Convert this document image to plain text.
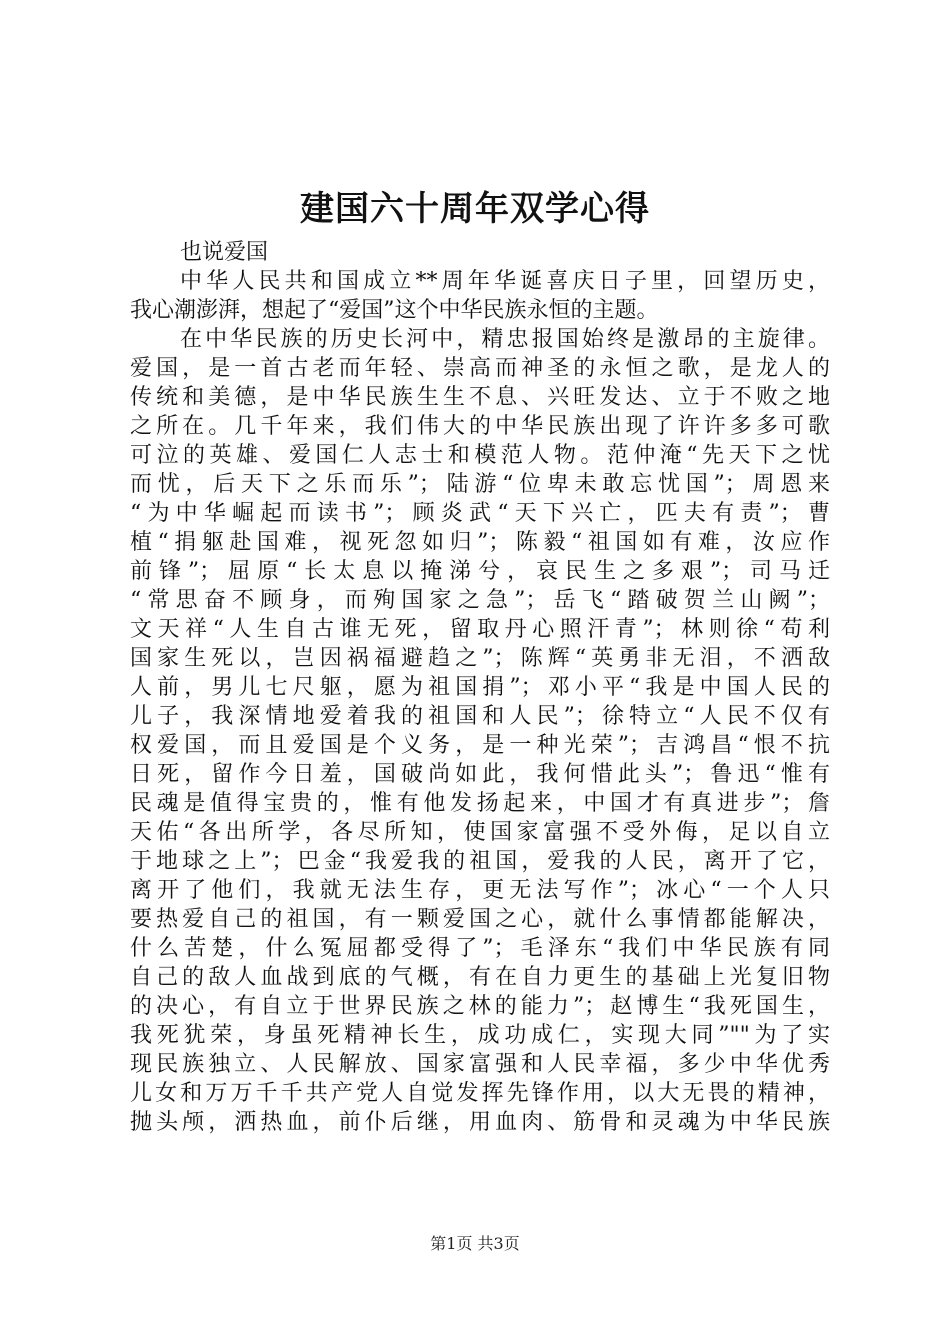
建国六十周年双学心得
也说爱国
中华人民共和国成立**周年华诞喜庆日子里，回望历史，
我心潮澎湃，想起了“爱国”这个中华民族永恒的主题。
在中华民族的历史长河中，精忠报国始终是激昂的主旋律。
爱国，是一首古老而年轻、崇高而神圣的永恒之歌，是龙人的
传统和美德，是中华民族生生不息、兴旺发达、立于不败之地
之所在。几千年来，我们伟大的中华民族出现了许许多多可歌
可泣的英雄、爱国仁人志士和模范人物。范仲淹“先天下之忧
而忧，后天下之乐而乐”；陆游“位卑未敢忘忧国”；周恩来
“为中华崛起而读书”；顾炎武“天下兴亡，匹夫有责”；曹
植“捐躯赴国难，视死忽如归”；陈毅“祖国如有难，汝应作
前锋”；屈原“长太息以掩涕兮，哀民生之多艰”；司马迁
“常思奋不顾身，而殉国家之急”；岳飞“踏破贺兰山阙”；
文天祥“人生自古谁无死，留取丹心照汗青”；林则徐“苟利
国家生死以，岂因祸福避趋之”；陈辉“英勇非无泪，不洒敌
人前，男儿七尺躯，愿为祖国捐”；邓小平“我是中国人民的
儿子，我深情地爱着我的祖国和人民”；徐特立“人民不仅有
权爱国，而且爱国是个义务，是一种光荣”；吉鸿昌“恨不抗
日死，留作今日羞，国破尚如此，我何惜此头”；鲁迅“惟有
民魂是值得宝贵的，惟有他发扬起来，中国才有真进步”；詹
天佑“各出所学，各尽所知，使国家富强不受外侮，足以自立
于地球之上”；巴金“我爱我的祖国，爱我的人民，离开了它，
离开了他们，我就无法生存，更无法写作”；冰心“一个人只
要热爱自己的祖国，有一颗爱国之心，就什么事情都能解决，
什么苦楚，什么冤屈都受得了”；毛泽东“我们中华民族有同
自己的敌人血战到底的气概，有在自力更生的基础上光复旧物
的决心，有自立于世界民族之林的能力”；赵博生“我死国生，
我死犹荣，身虽死精神长生，成功成仁，实现大同”""为了实
现民族独立、人民解放、国家富强和人民幸福，多少中华优秀
儿女和万万千千共产党人自觉发挥先锋作用，以大无畏的精神，
抛头颅，洒热血，前仆后继，用血肉、筋骨和灵魂为中华民族
第1页 共3页
